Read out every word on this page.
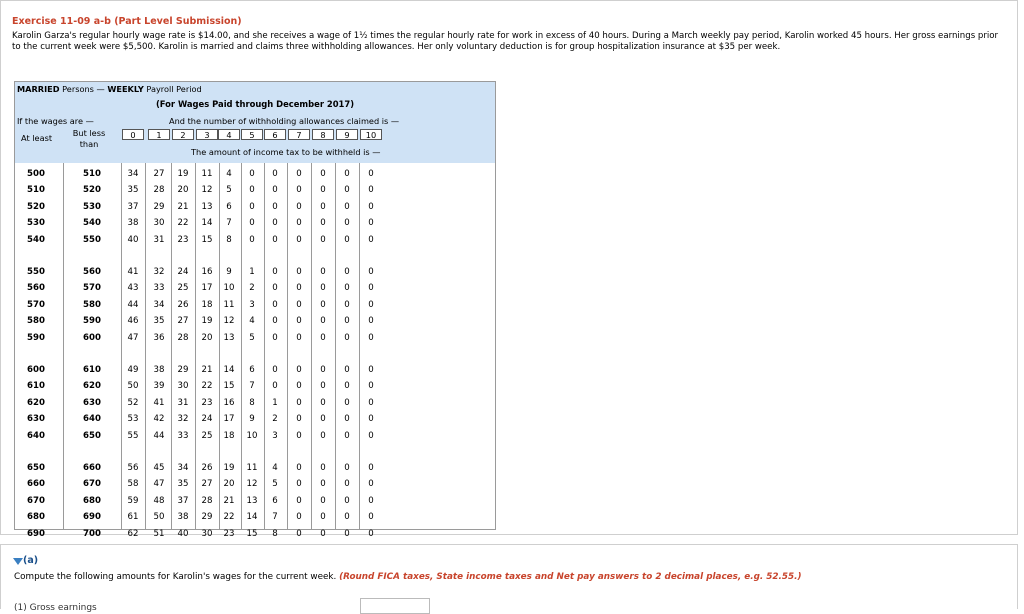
Exercise 11-09 a-b (Part Level Submission)
Karolin Garza's regular hourly wage rate is $14.00, and she receives a wage of 1½ times the regular hourly rate for work in excess of 40 hours. During a March weekly pay period, Karolin worked 45 hours. Her gross earnings prior to the current week were $5,500. Karolin is married and claims three withholding allowances. Her only voluntary deduction is for group hospitalization insurance at $35 per week.
MARRIED Persons — WEEKLY Payroll Period
(For Wages Paid through December 2017)
If the wages are —	And the number of withholding allowances claimed is —
At least	But less than
0	1	2	3	4	5	6	7	8	9	10
The amount of income tax to be withheld is —
500	510	34	27	19	11	4	0	0	0	0	0	0
510	520	35	28	20	12	5	0	0	0	0	0	0
520	530	37	29	21	13	6	0	0	0	0	0	0
530	540	38	30	22	14	7	0	0	0	0	0	0
540	550	40	31	23	15	8	0	0	0	0	0	0
550	560	41	32	24	16	9	1	0	0	0	0	0
560	570	43	33	25	17	10	2	0	0	0	0	0
570	580	44	34	26	18	11	3	0	0	0	0	0
580	590	46	35	27	19	12	4	0	0	0	0	0
590	600	47	36	28	20	13	5	0	0	0	0	0
600	610	49	38	29	21	14	6	0	0	0	0	0
610	620	50	39	30	22	15	7	0	0	0	0	0
620	630	52	41	31	23	16	8	1	0	0	0	0
630	640	53	42	32	24	17	9	2	0	0	0	0
640	650	55	44	33	25	18	10	3	0	0	0	0
650	660	56	45	34	26	19	11	4	0	0	0	0
660	670	58	47	35	27	20	12	5	0	0	0	0
670	680	59	48	37	28	21	13	6	0	0	0	0
680	690	61	50	38	29	22	14	7	0	0	0	0
690	700	62	51	40	30	23	15	8	0	0	0	0
(a)
Compute the following amounts for Karolin's wages for the current week. (Round FICA taxes, State income taxes and Net pay answers to 2 decimal places, e.g. 52.55.)
(1) Gross earnings
